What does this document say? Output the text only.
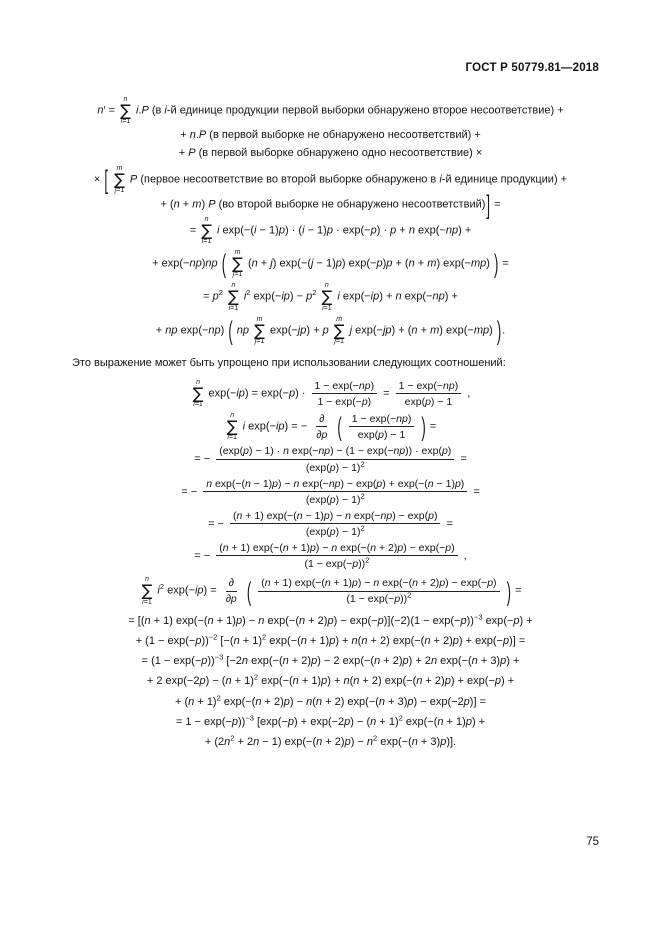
ГОСТ Р 50779.81—2018
n′ =
n
∑
i=1
i.P (в i-й единице продукции первой выборки обнаружено второе несоответствие) +
+ n.P (в первой выборке не обнаружено несоответствий) +
+ P (в первой выборке обнаружено одно несоответствие) ×
× [ m
∑
j=1
P (первое несоответствие во второй выборке обнаружено в i-й единице продукции) +
+ (n + m) P (во второй выборке не обнаружено несоответствий)] =
=
n
∑
i=1
i exp(−(i − 1)p) · (i − 1)p · exp(−p) · p + n exp(−np) +
+ exp(−np)np ( m
∑
j=1
(n + j) exp(−(j − 1)p) exp(−p)p + (n + m) exp(−mp) ) =
= $p^2$
n
∑
i=1
$i^2$ $\exp(-ip) - p^2$
n
∑
i=1
i exp(−ip) + n exp(−np) +
+ np exp(−np) ( np
m
∑
j=1
exp(−jp) + p
m
∑
j=1
j exp(−jp) + (n + m) exp(−mp) ).

Это выражение может быть упрощено при использовании следующих соотношений:

n
∑
i=1
$\exp(-ip) = \exp(-p) \cdot \frac{1 - \exp(-np)}{1 - \exp(-p)} = \frac{1 - \exp(-np)}{\exp(p) - 1}$ ,
n
∑
i=1
i exp(−ip) = − $\frac{\partial}{\partial p}$ ( $\frac{1 - \exp(-np)}{\exp(p) - 1}$ ) =
= − $\frac{\text{(exp(p) − 1) · n exp(−np) − (1 − exp(−np)) · exp(p)}}{(\exp(p) - 1)^2}$ =
= − $\frac{\text{n exp(−(n − 1)p) − n exp(−np) − exp(p) + exp(−(n − 1)p)}}{(\exp(p) - 1)^2}$ =
= − $\frac{\text{(n + 1) exp(−(n − 1)p) − n exp(−np) − exp(p)}}{(\exp(p) - 1)^2}$ =
= − $\frac{\text{(n + 1) exp(−(n + 1)p) − n exp(−(n + 2)p) − exp(−p)}}{(1 - \exp(-p))^2}$ ,
n
∑
i=1
$i^2$ $\exp(-ip) = \frac{\partial}{\partial p}$ ( $\frac{\text{(n + 1) exp(−(n + 1)p) − n exp(−(n + 2)p) − exp(−p)}}{(1 - \exp(-p))^2}$ ) =
= [(n + 1) exp(−(n + 1)p) − n $\exp(-(n + 2)p) - \exp(-p)](-2)(1 - \exp(-p))^{-3}$ exp(−p) +
+ $(1 - \exp(-p))^{-2}$ [$-(n + 1)^2$ exp(−(n + 1)p) + n(n + 2) exp(−(n + 2)p) + exp(−p)] =
= $(1 - \exp(-p))^{-3}$ [−2n exp(−(n + 2)p) − 2 exp(−(n + 2)p) + 2n exp(−(n + 3)p) +
+ 2 $\exp(-2p) - (n + 1)^2$ exp(−(n + 1)p) + n(n + 2) exp(−(n + 2)p) + exp(−p) +
+ $(n + 1)^2$ exp(−(n + 2)p) − n(n + 2) exp(−(n + 3)p) − exp(−2p)] =
= 1 − exp(−p))$^{-3}$ [$\exp(-p) + \exp(-2p) - (n + 1)^2$ exp(−(n + 1)p) +
+ $(2n^2 + 2n - 1) \exp(-(n + 2)p) - n^2$ exp(−(n + 3)p)].
75
